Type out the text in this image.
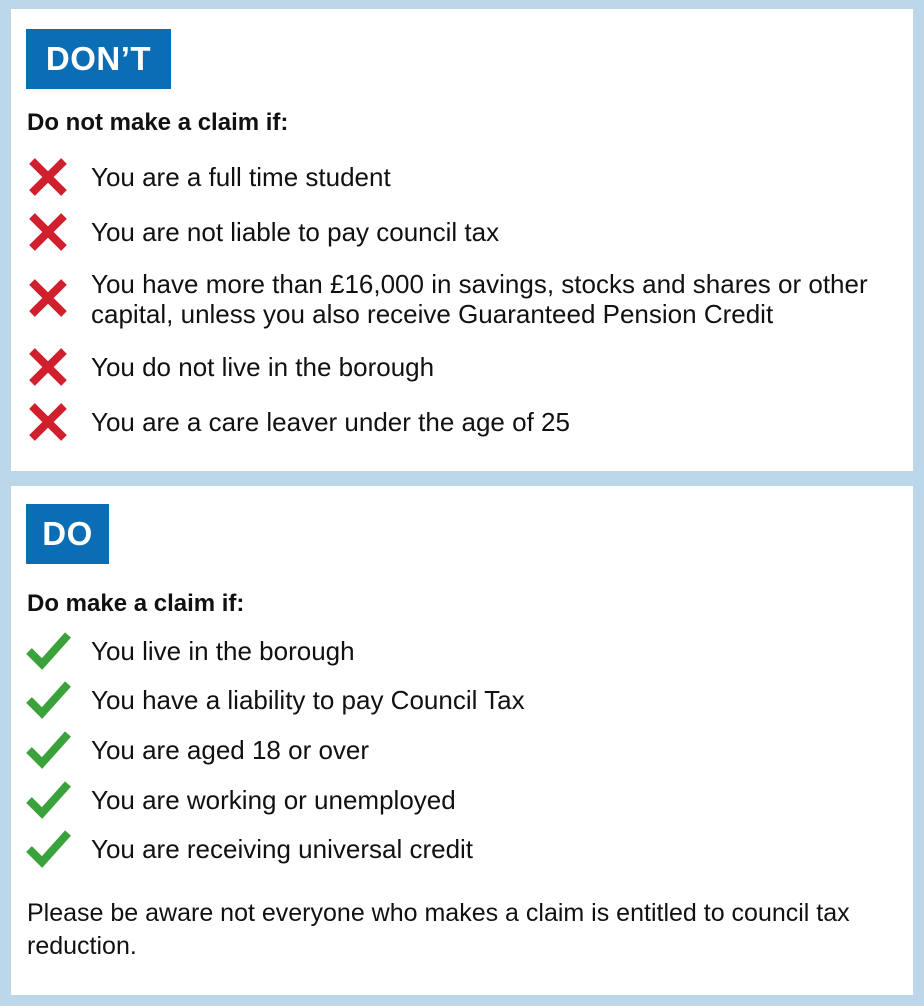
DON’T
Do not make a claim if:
You are a full time student
You are not liable to pay council tax
You have more than £16,000 in savings, stocks and shares or other capital, unless you also receive Guaranteed Pension Credit
You do not live in the borough
You are a care leaver under the age of 25
DO
Do make a claim if:
You live in the borough
You have a liability to pay Council Tax
You are aged 18 or over
You are working or unemployed
You are receiving universal credit
Please be aware not everyone who makes a claim is entitled to council tax reduction.
